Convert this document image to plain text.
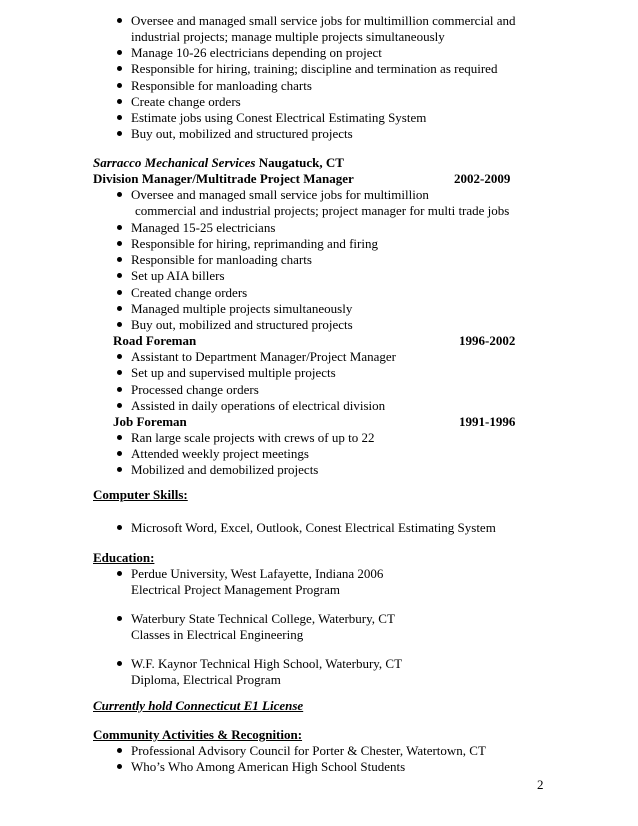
Oversee and managed small service jobs for multimillion commercial and
industrial projects; manage multiple projects simultaneously
Manage 10-26 electricians depending on project
Responsible for hiring, training; discipline and termination as required
Responsible for manloading charts
Create change orders
Estimate jobs using Conest Electrical Estimating System
Buy out, mobilized and structured projects
Sarracco Mechanical Services Naugatuck, CT
Division Manager/Multitrade Project Manager	2002-2009
Oversee and managed small service jobs for multimillion
commercial and industrial projects; project manager for multi trade jobs
Managed 15-25 electricians
Responsible for hiring, reprimanding and firing
Responsible for manloading charts
Set up AIA billers
Created change orders
Managed multiple projects simultaneously
Buy out, mobilized and structured projects
Road Foreman	1996-2002
Assistant to Department Manager/Project Manager
Set up and supervised multiple projects
Processed change orders
Assisted in daily operations of electrical division
Job Foreman	1991-1996
Ran large scale projects with crews of up to 22
Attended weekly project meetings
Mobilized and demobilized projects
Computer Skills:
Microsoft Word, Excel, Outlook, Conest Electrical Estimating System
Education:
Perdue University, West Lafayette, Indiana 2006
Electrical Project Management Program
Waterbury State Technical College, Waterbury, CT
Classes in Electrical Engineering
W.F. Kaynor Technical High School, Waterbury, CT
Diploma, Electrical Program
Currently hold Connecticut E1 License
Community Activities & Recognition:
Professional Advisory Council for Porter & Chester, Watertown, CT
Who’s Who Among American High School Students
2
